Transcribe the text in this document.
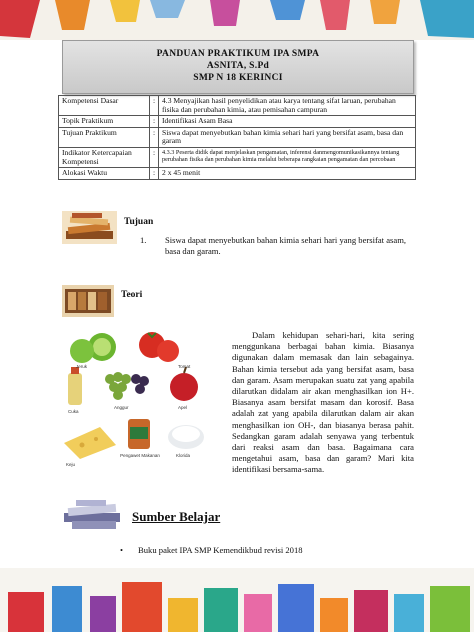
PANDUAN PRAKTIKUM IPA SMPA
ASNITA, S.Pd
SMP N 18 KERINCI
Kompetensi Dasar	:	4.3 Menyajikan hasil penyelidikan atau karya tentang sifat laruan, perubahan fisika dan perubahan kimia, atau pemisahan campuran
Topik Praktikum	:	Identifikasi Asam Basa
Tujuan Praktikum	:	Siswa dapat menyebutkan bahan kimia sehari hari yang bersifat asam, basa dan garam
Indikator Ketercapaian Kompetensi	:	4.3.3 Peserta didik dapat menjelaskan pengamatan, inferensi danmengomunikasikannya tentang perubahan fisika dan perubahan kimia melalui beberapa rangkaian pengamatan dan percobaan
Alokasi Waktu	:	2 x 45 menit
Tujuan
1. Siswa dapat menyebutkan bahan kimia sehari hari yang bersifat asam, basa dan garam.
Teori
Jeruk	Tomat
Cuka
Anggur	Apel
Keju
Pengawet Makanan	Klorida
Dalam kehidupan sehari-hari, kita sering menggunkana berbagai bahan kimia. Biasanya digunakan dalam memasak dan lain sebagainya. Bahan kimia tersebut ada yang bersifat asam, basa dan garam. Asam merupakan suatu zat yang apabila dilarutkan didalam air akan menghasilkan ion H+. Biasanya asam bersifat masam dan korosif. Basa adalah zat yang apabila dilarutkan dalam air akan menghasilkan ion OH-, dan biasanya berasa pahit. Sedangkan garam adalah senyawa yang terbentuk dari reaksi asam dan basa. Bagaimana cara mengetahui asam, basa dan garam? Mari kita identifikasi bersama-sama.
Sumber Belajar
• Buku paket IPA SMP Kemendikbud revisi 2018
